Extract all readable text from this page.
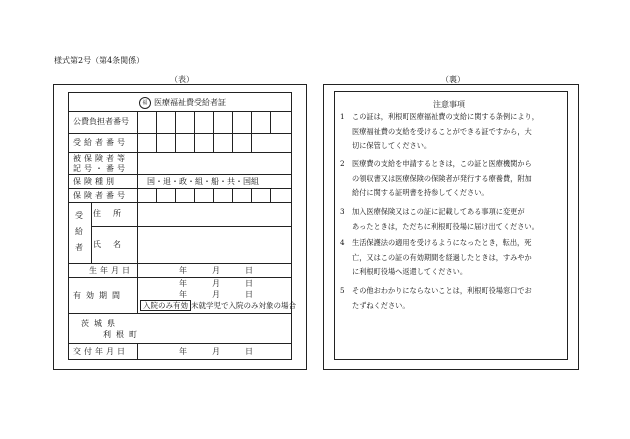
様式第2号（第4条関係）
（表）	（裏）
福 医療福祉費受給者証
公費負担者番号
受給者番号
被保険者等
記号・番号
保険種別	国・退・政・組・船・共・国組
保険者番号
受
給
者
住所
氏名
生年月日	年	月	日
有効期間
年	月	日
年	月	日
入院のみ有効 未就学児で入院のみ対象の場合
茨城県
利根町
交付年月日	年	月	日
注意事項
1 この証は，利根町医療福祉費の支給に関する条例により，
医療福祉費の支給を受けることができる証ですから，大
切に保管してください。
2 医療費の支給を申請するときは，この証と医療機関から
の領収書又は医療保険の保険者が発行する療養費，附加
給付に関する証明書を持参してください。
3 加入医療保険又はこの証に記載してある事項に変更が
あったときは，ただちに利根町役場に届け出てください。
4 生活保護法の適用を受けるようになったとき，転出，死
亡，又はこの証の有効期間を経過したときは，すみやか
に利根町役場へ返還してください。
5 その他おわかりにならないことは，利根町役場窓口でお
たずねください。
